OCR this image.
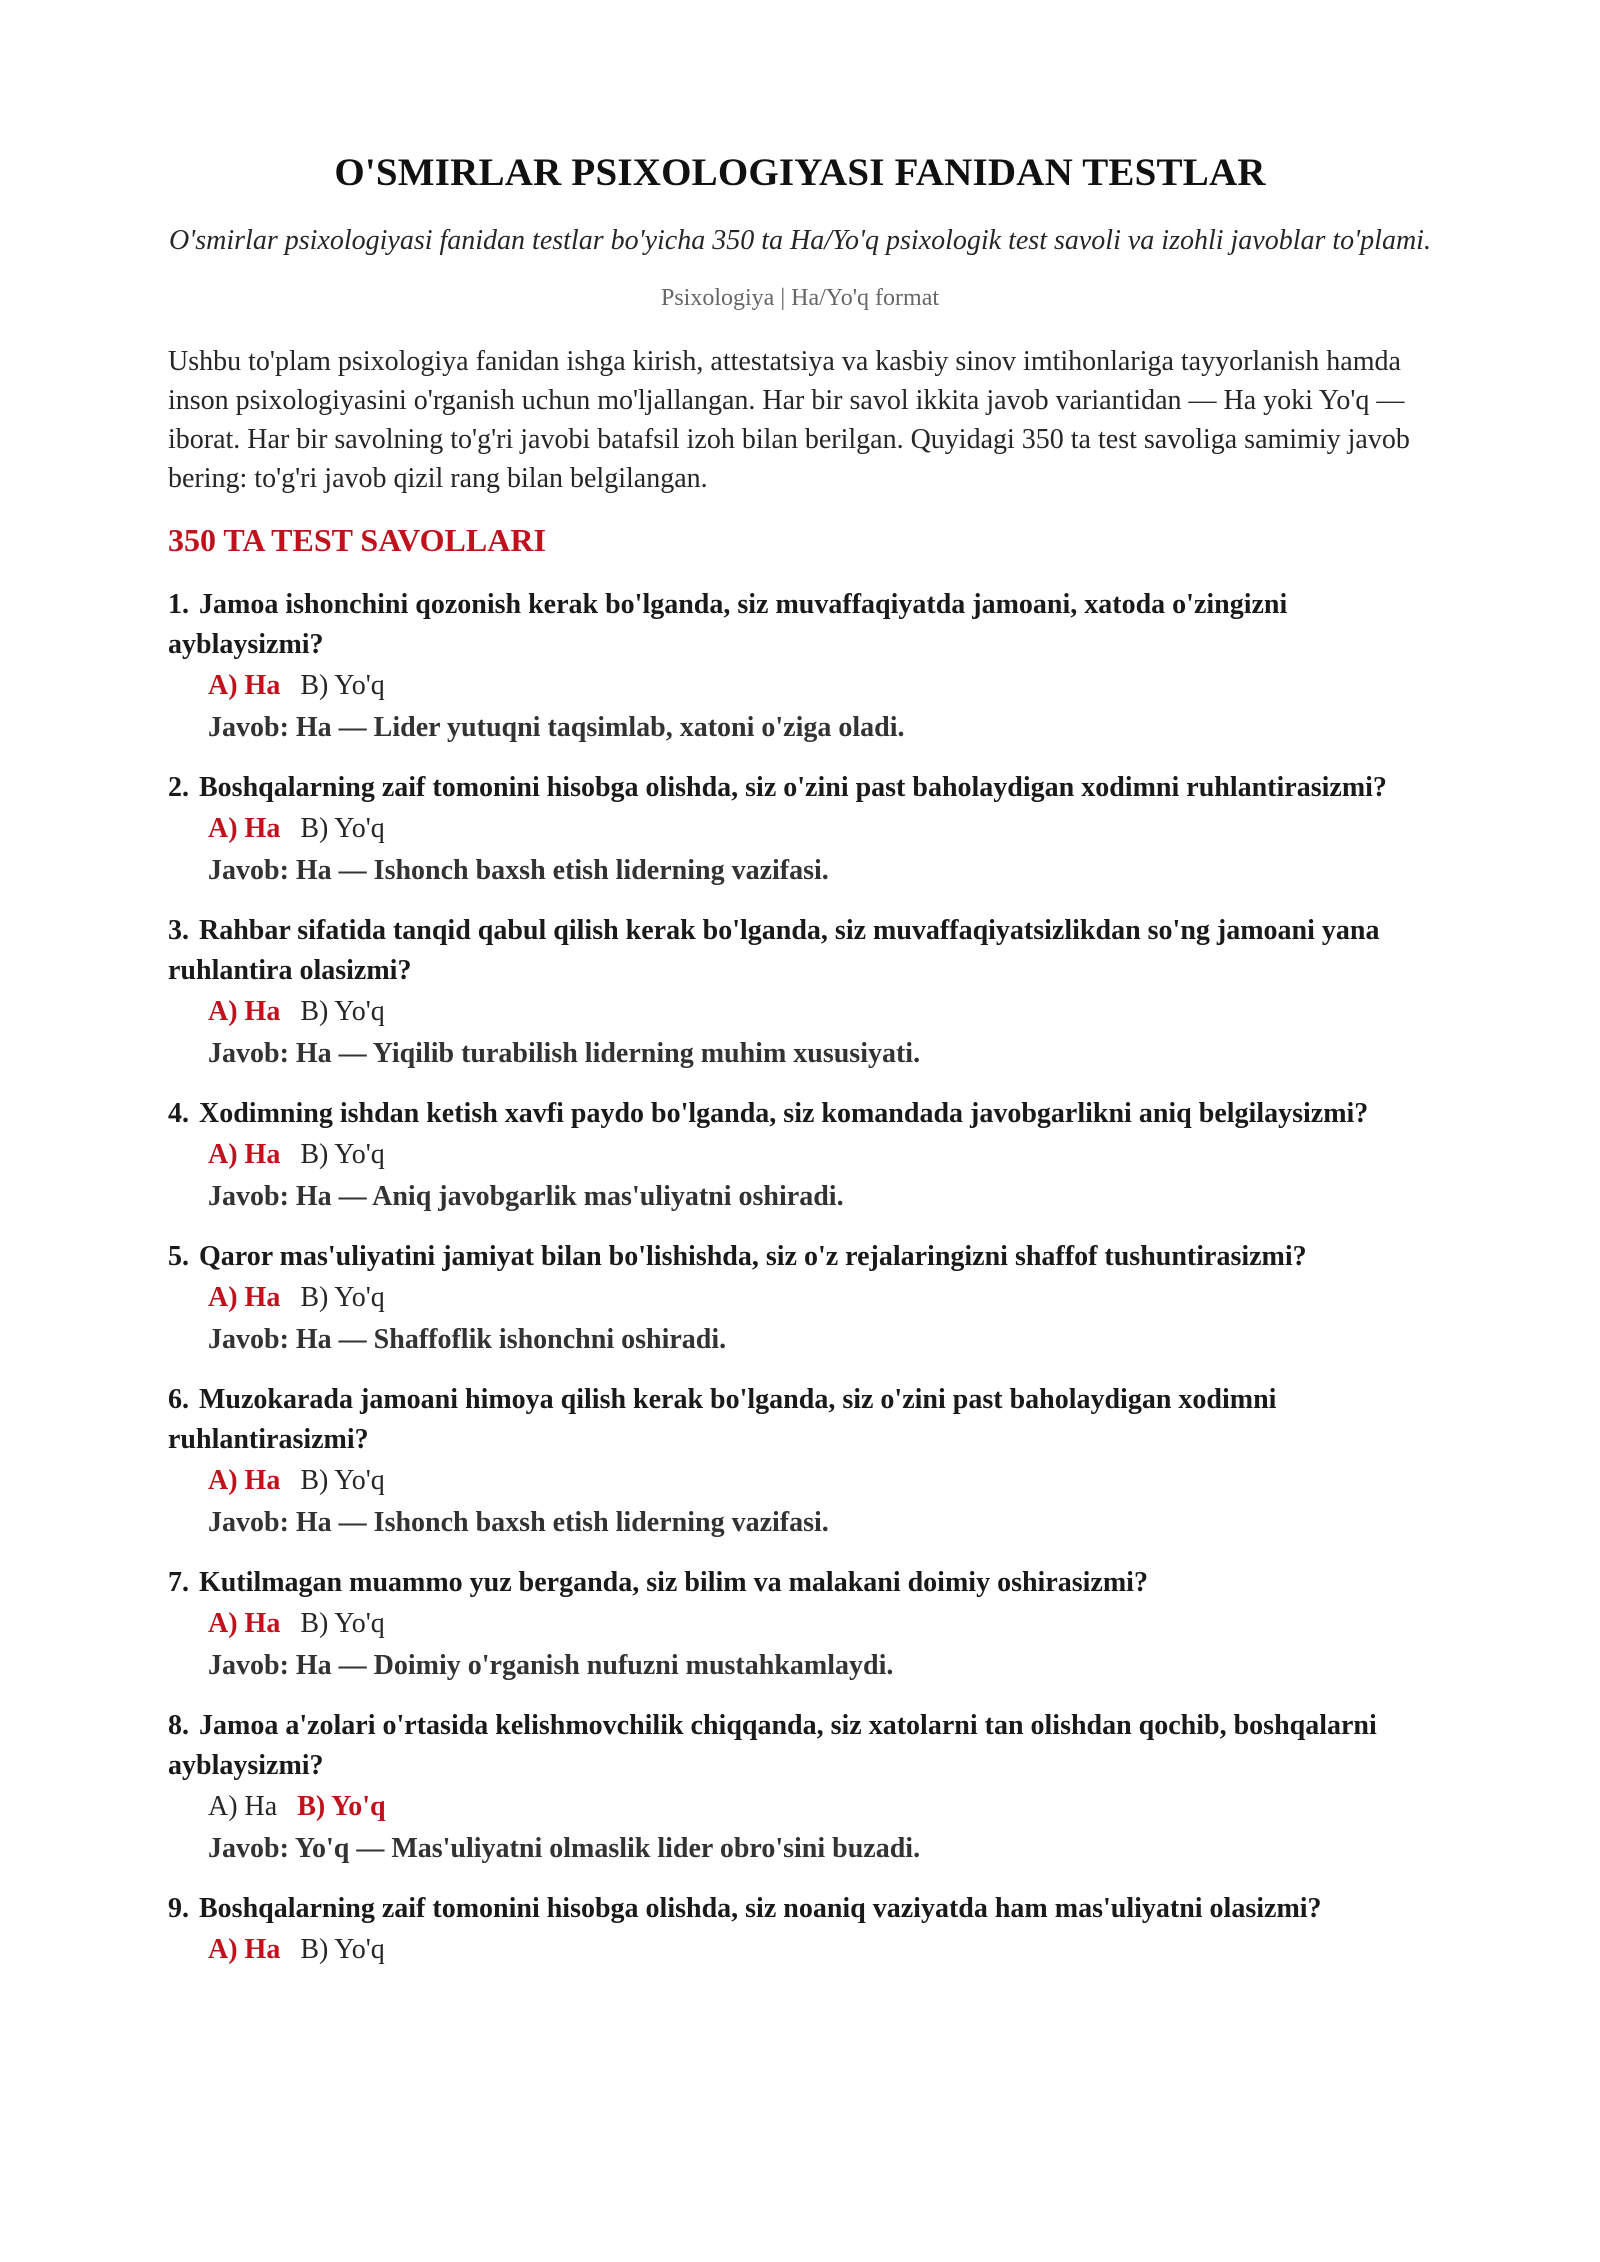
O'SMIRLAR PSIXOLOGIYASI FANIDAN TESTLAR

O'smirlar psixologiyasi fanidan testlar bo'yicha 350 ta Ha/Yo'q psixologik test savoli va izohli javoblar to'plami.

Psixologiya | Ha/Yo'q format

Ushbu to'plam psixologiya fanidan ishga kirish, attestatsiya va kasbiy sinov imtihonlariga tayyorlanish hamda inson psixologiyasini o'rganish uchun mo'ljallangan. Har bir savol ikkita javob variantidan — Ha yoki Yo'q — iborat. Har bir savolning to'g'ri javobi batafsil izoh bilan berilgan. Quyidagi 350 ta test savoliga samimiy javob bering: to'g'ri javob qizil rang bilan belgilangan.

350 TA TEST SAVOLLARI
1. Jamoa ishonchini qozonish kerak bo'lganda, siz muvaffaqiyatda jamoani, xatoda o'zingizni ayblaysizmi?
A) Ha B) Yo'q
Javob: Ha — Lider yutuqni taqsimlab, xatoni o'ziga oladi.
2. Boshqalarning zaif tomonini hisobga olishda, siz o'zini past baholaydigan xodimni ruhlantirasizmi?
A) Ha B) Yo'q
Javob: Ha — Ishonch baxsh etish liderning vazifasi.
3. Rahbar sifatida tanqid qabul qilish kerak bo'lganda, siz muvaffaqiyatsizlikdan so'ng jamoani yana ruhlantira olasizmi?
A) Ha B) Yo'q
Javob: Ha — Yiqilib turabilish liderning muhim xususiyati.
4. Xodimning ishdan ketish xavfi paydo bo'lganda, siz komandada javobgarlikni aniq belgilaysizmi?
A) Ha B) Yo'q
Javob: Ha — Aniq javobgarlik mas'uliyatni oshiradi.
5. Qaror mas'uliyatini jamiyat bilan bo'lishishda, siz o'z rejalaringizni shaffof tushuntirasizmi?
A) Ha B) Yo'q
Javob: Ha — Shaffoflik ishonchni oshiradi.
6. Muzokarada jamoani himoya qilish kerak bo'lganda, siz o'zini past baholaydigan xodimni ruhlantirasizmi?
A) Ha B) Yo'q
Javob: Ha — Ishonch baxsh etish liderning vazifasi.
7. Kutilmagan muammo yuz berganda, siz bilim va malakani doimiy oshirasizmi?
A) Ha B) Yo'q
Javob: Ha — Doimiy o'rganish nufuzni mustahkamlaydi.
8. Jamoa a'zolari o'rtasida kelishmovchilik chiqqanda, siz xatolarni tan olishdan qochib, boshqalarni ayblaysizmi?
A) Ha B) Yo'q
Javob: Yo'q — Mas'uliyatni olmaslik lider obro'sini buzadi.
9. Boshqalarning zaif tomonini hisobga olishda, siz noaniq vaziyatda ham mas'uliyatni olasizmi?
A) Ha B) Yo'q
